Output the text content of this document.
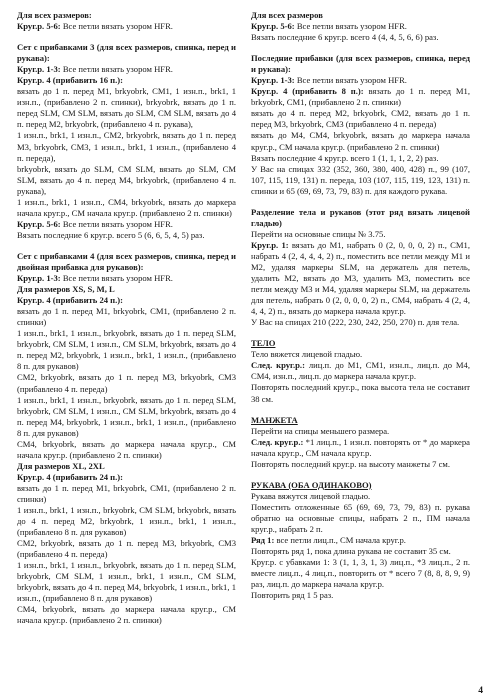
Для всех размеров:

Круг.р. 5-6: Все петли вязать узором HFR.

Сет с прибавками 3 (для всех размеров, спинка, перед и рукава):

Круг.р. 1-3: Все петли вязать узором HFR.

Круг.р. 4 (прибавить 16 п.):

вязать до 1 п. перед M1, brkyobrk, CM1, 1 изн.п., brk1, 1 изн.п., (прибавлено 2 п. спинки), brkyobrk, вязать до 1 п. перед SLM, CM SLM, вязать до SLM, CM SLM, вязать до 4 п. перед M2, brkyobrk, (прибавлено 4 п. рукава),

1 изн.п., brk1, 1 изн.п., CM2, brkyobrk, вязать до 1 п. перед M3, brkyobrk, CM3, 1 изн.п., brk1, 1 изн.п., (прибавлено 4 п. переда),

brkyobrk, вязать до SLM, CM SLM, вязать до SLM, CM SLM, вязать до 4 п. перед M4, brkyobrk, (прибавлено 4 п. рукава),

1 изн.п., brk1, 1 изн.п., CM4, brkyobrk, вязать до маркера начала круг.р., CM начала круг.р. (прибавлено 2 п. спинки)

Круг.р. 5-6: Все петли вязать узором HFR.

Вязать последние 6 круг.р. всего 5 (6, 6, 5, 4, 5) раз.

Сет с прибавками 4 (для всех размеров, спинка, перед и двойная прибавка для рукавов):

Круг.р. 1-3: Все петли вязать узором HFR.

Для размеров XS, S, M, L

Круг.р. 4 (прибавить 24 п.):

вязать до 1 п. перед M1, brkyobrk, CM1, (прибавлено 2 п. спинки)

1 изн.п., brk1, 1 изн.п., brkyobrk, вязать до 1 п. перед SLM, brkyobrk, CM SLM, 1 изн.п., CM SLM, brkyobrk, вязать до 4 п. перед M2, brkyobrk, 1 изн.п., brk1, 1 изн.п., (прибавлено 8 п. для рукавов)

CM2, brkyobrk, вязать до 1 п. перед M3, brkyobrk, CM3 (прибавлено 4 п. переда)

1 изн.п., brk1, 1 изн.п., brkyobrk, вязать до 1 п. перед SLM, brkyobrk, CM SLM, 1 изн.п., CM SLM, brkyobrk, вязать до 4 п. перед M4, brkyobrk, 1 изн.п., brk1, 1 изн.п., (прибавлено 8 п. для рукавов)

CM4, brkyobrk, вязать до маркера начала круг.р., CM начала круг.р. (прибавлено 2 п. спинки)

Для размеров XL, 2XL

Круг.р. 4 (прибавить 24 п.):

вязать до 1 п. перед M1, brkyobrk, CM1, (прибавлено 2 п. спинки)

1 изн.п., brk1, 1 изн.п., brkyobrk, CM SLM, brkyobrk, вязать до 4 п. перед M2, brkyobrk, 1 изн.п., brk1, 1 изн.п., (прибавлено 8 п. для рукавов)

CM2, brkyobrk, вязать до 1 п. перед M3, brkyobrk, CM3 (прибавлено 4 п. переда)

1 изн.п., brk1, 1 изн.п., brkyobrk, вязать до 1 п. перед SLM, brkyobrk, CM SLM, 1 изн.п., brk1, 1 изн.п., CM SLM, brkyobrk, вязать до 4 п. перед M4, brkyobrk, 1 изн.п., brk1, 1 изн.п., (прибавлено 8 п. для рукавов)

CM4, brkyobrk, вязать до маркера начала круг.р., CM начала круг.р. (прибавлено 2 п. спинки)

Для всех размеров

Круг.р. 5-6: Все петли вязать узором HFR.

Вязать последние 6 круг.р. всего 4 (4, 4, 5, 6, 6) раз.

Последние прибавки (для всех размеров, спинка, перед и рукава):

Круг.р. 1-3: Все петли вязать узором HFR.

Круг.р. 4 (прибавить 8 п.): вязать до 1 п. перед M1, brkyobrk, CM1, (прибавлено 2 п. спинки)

вязать до 4 п. перед M2, brkyobrk, CM2, вязать до 1 п. перед M3, brkyobrk, CM3 (прибавлено 4 п. переда)

вязать до M4, CM4, brkyobrk, вязать до маркера начала круг.р., CM начала круг.р. (прибавлено 2 п. спинки)

Вязать последние 4 круг.р. всего 1 (1, 1, 1, 2, 2) раз.

У Вас на спицах 332 (352, 360, 380, 400, 428) п., 99 (107, 107, 115, 119, 131) п. переда, 103 (107, 115, 119, 123, 131) п. спинки и 65 (69, 69, 73, 79, 83) п. для каждого рукава.

Разделение тела и рукавов (этот ряд вязать лицевой гладью)

Перейти на основные спицы № 3.75.

Круг.р. 1: вязать до M1, набрать 0 (2, 0, 0, 0, 2) п., CM1, набрать 4 (2, 4, 4, 4, 2) п., поместить все петли между M1 и M2, удаляя маркеры SLM, на держатель для петель, удалить M2, вязать до M3, удалить M3, поместить все петли между M3 и M4, удаляя маркеры SLM, на держатель для петель, набрать 0 (2, 0, 0, 0, 2) п., CM4, набрать 4 (2, 4, 4, 4, 2) п., вязать до маркера начала круг.р.

У Вас на спицах 210 (222, 230, 242, 250, 270) п. для тела.

ТЕЛО

Тело вяжется лицевой гладью.

След. круг.р.: лиц.п. до M1, CM1, изн.п., лиц.п. до M4, CM4, изн.п., лиц.п. до маркера начала круг.р.

Повторять последний круг.р., пока высота тела не составит 38 см.

МАНЖЕТА

Перейти на спицы меньшего размера.

След. круг.р.: *1 лиц.п., 1 изн.п. повторять от * до маркера начала круг.р., CM начала круг.р.

Повторять последний круг.р. на высоту манжеты 7 см.

РУКАВА (ОБА ОДИНАКОВО)

Рукава вяжутся лицевой гладью.

Поместить отложенные 65 (69, 69, 73, 79, 83) п. рукава обратно на основные спицы, набрать 2 п., ПМ начала круг.р., набрать 2 п.

Ряд 1: все петли лиц.п., CM начала круг.р.

Повторять ряд 1, пока длина рукава не составит 35 см.

Круг.р. с убавками 1: 3 (1, 1, 3, 1, 3) лиц.п., *3 лиц.п., 2 п. вместе лиц.п., 4 лиц.п., повторить от * всего 7 (8, 8, 8, 9, 9) раз, лиц.п. до маркера начала круг.р.

Повторить ряд 1 5 раз.

4
